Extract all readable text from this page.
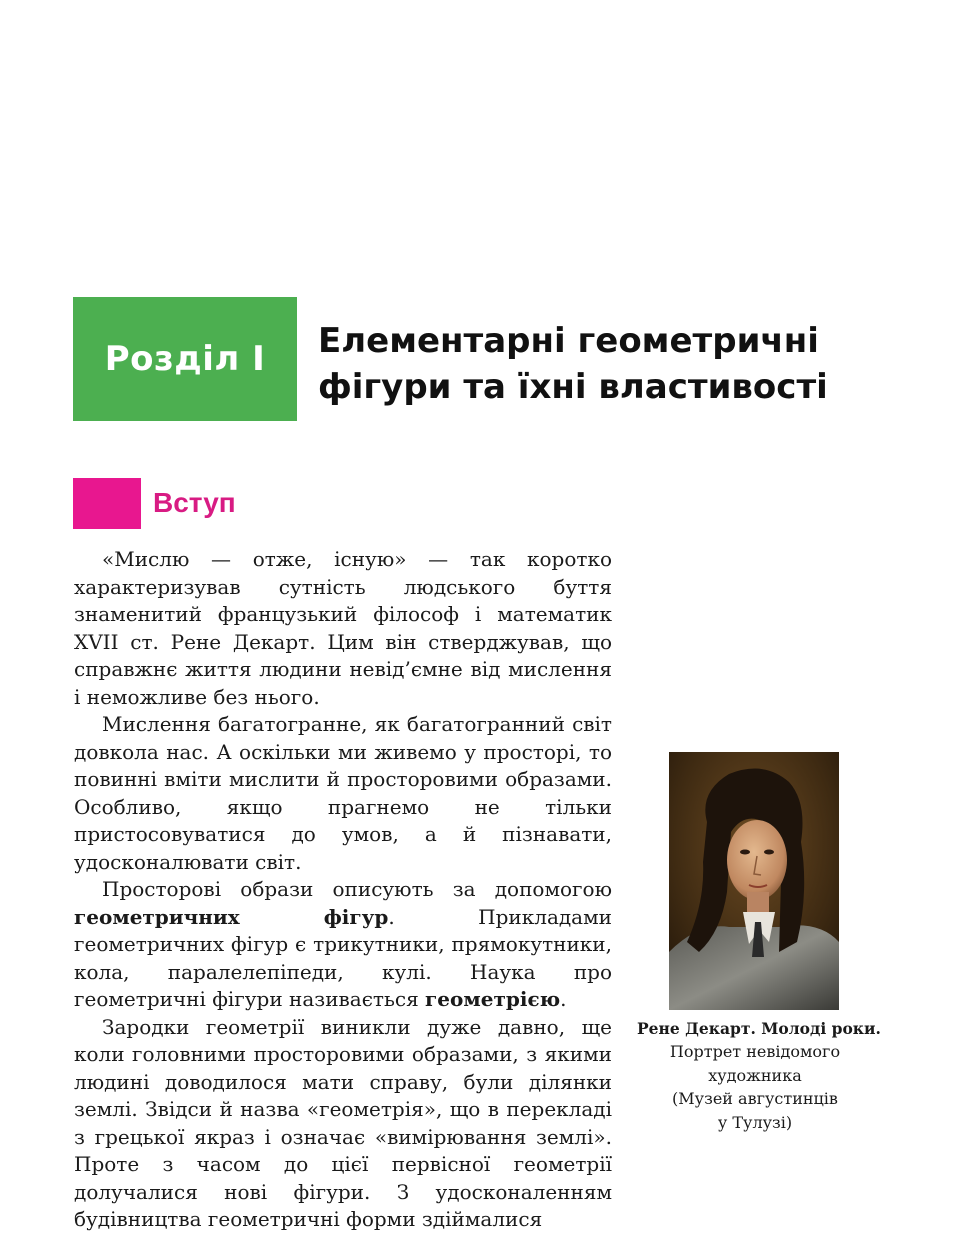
Розділ I Елементарні геометричні
фігури та їхні властивості
Вступ

«Мислю — отже, існую» — так коротко характеризував сутність людського буття знаменитий французький філософ і математик XVII ст. Рене Декарт. Цим він стверджував, що справжнє життя людини невід’ємне від мислення і неможливе без нього.

Мислення багатогранне, як багатогранний світ довкола нас. А оскільки ми живемо у просторі, то повинні вміти мислити й просторовими образами. Особливо, якщо прагнемо не тільки пристосовуватися до умов, а й пізнавати, удосконалювати світ.

Просторові образи описують за допомогою геометричних фігур. Прикладами геометричних фігур є трикутники, прямокутники, кола, паралелепіпеди, кулі. Наука про геометричні фігури називається геометрією.

Зародки геометрії виникли дуже давно, ще коли головними просторовими образами, з якими людині доводилося мати справу, були ділянки землі. Звідси й назва «геометрія», що в перекладі з грецької якраз і означає «вимірювання землі». Проте з часом до цієї первісної геометрії долучалися нові фігури. З удосконаленням будівництва геометричні форми здіймалися

Рене Декарт. Молоді роки.
Портрет невідомого
художника
(Музей августинців
у Тулузі)
